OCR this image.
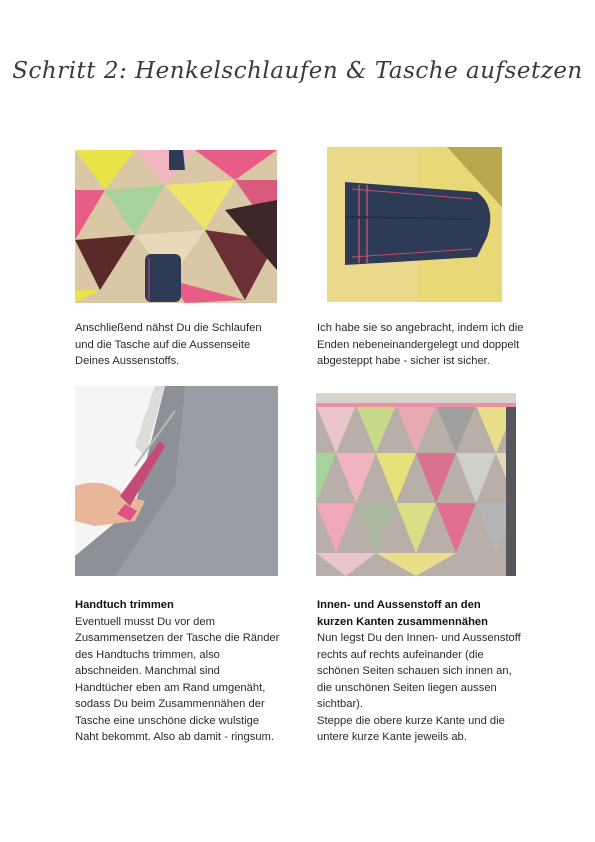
Schritt 2: Henkelschlaufen & Tasche aufsetzen
Anschließend nähst Du die Schlaufen
und die Tasche auf die Aussenseite
Deines Aussenstoffs.
Ich habe sie so angebracht, indem ich die
Enden nebeneinandergelegt und doppelt
abgesteppt habe - sicher ist sicher.
Handtuch trimmen
Eventuell musst Du vor dem
Zusammensetzen der Tasche die Ränder
des Handtuchs trimmen, also
abschneiden. Manchmal sind
Handtücher eben am Rand umgenäht,
sodass Du beim Zusammennähen der
Tasche eine unschöne dicke wulstige
Naht bekommt. Also ab damit - ringsum.
Innen- und Aussenstoff an den
kurzen Kanten zusammennähen
Nun legst Du den Innen- und Aussenstoff
rechts auf rechts aufeinander (die
schönen Seiten schauen sich innen an,
die unschönen Seiten liegen aussen
sichtbar).
Steppe die obere kurze Kante und die
untere kurze Kante jeweils ab.
